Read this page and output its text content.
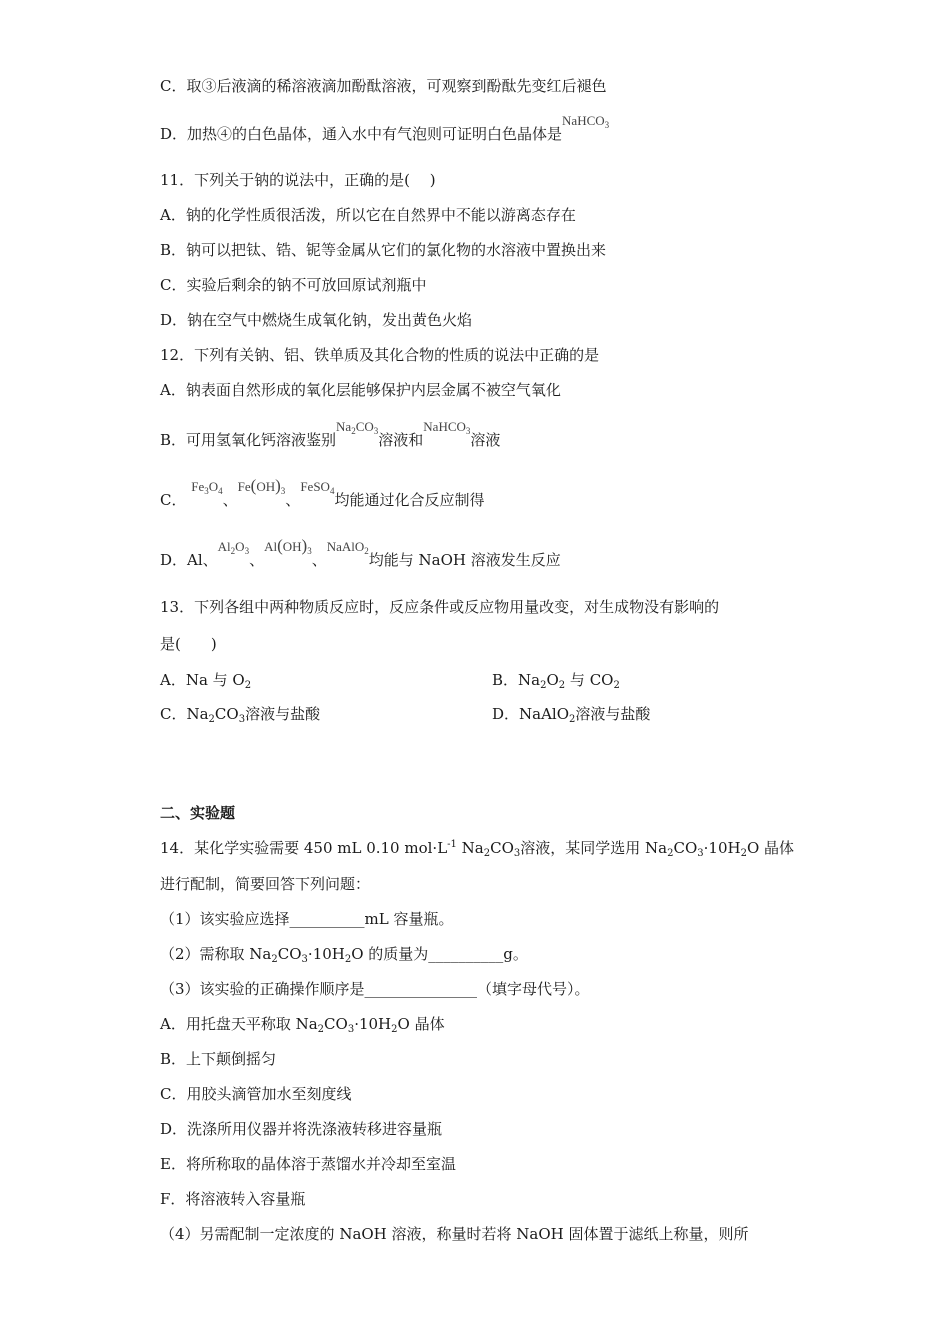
C．取③后液滴的稀溶液滴加酚酞溶液，可观察到酚酞先变红后褪色
D．加热④的白色晶体，通入水中有气泡则可证明白色晶体是NaHCO$_3$
11．下列关于钠的说法中，正确的是(　 )
A．钠的化学性质很活泼，所以它在自然界中不能以游离态存在
B．钠可以把钛、锆、铌等金属从它们的氯化物的水溶液中置换出来
C．实验后剩余的钠不可放回原试剂瓶中
D．钠在空气中燃烧生成氧化钠，发出黄色火焰
12．下列有关钠、铝、铁单质及其化合物的性质的说法中正确的是
A．钠表面自然形成的氧化层能够保护内层金属不被空气氧化
B．可用氢氧化钙溶液鉴别$Na_2CO_3$溶液和NaHCO$_3$溶液
C． $Fe_3O_4$、$Fe(OH)_3$、FeSO$_4$均能通过化合反应制得
D．Al、$Al_2O_3$、$Al(OH)_3$、NaAlO$_2$均能与 NaOH 溶液发生反应
13．下列各组中两种物质反应时，反应条件或反应物用量改变，对生成物没有影响的
是(　　)
A．Na 与 $O_2$	B．$Na_2O_2$ 与 $CO_2$
C．$Na_2CO_3$溶液与盐酸	D．NaAlO$_2$溶液与盐酸
二、实验题
14．某化学实验需要 450 mL 0.10 $mol\cdot L^{-1}$ $Na_2CO_3$溶液，某同学选用 $Na_2CO_3\cdot 10H_2O$ 晶体
进行配制，简要回答下列问题：
（1）该实验应选择__________mL 容量瓶。
（2）需称取 $Na_2CO_3\cdot 10H_2O$ 的质量为__________g。
（3）该实验的正确操作顺序是_______________（填字母代号）。
A．用托盘天平称取 $Na_2CO_3\cdot 10H_2O$ 晶体
B．上下颠倒摇匀
C．用胶头滴管加水至刻度线
D．洗涤所用仪器并将洗涤液转移进容量瓶
E．将所称取的晶体溶于蒸馏水并冷却至室温
F．将溶液转入容量瓶
（4）另需配制一定浓度的 NaOH 溶液，称量时若将 NaOH 固体置于滤纸上称量，则所
